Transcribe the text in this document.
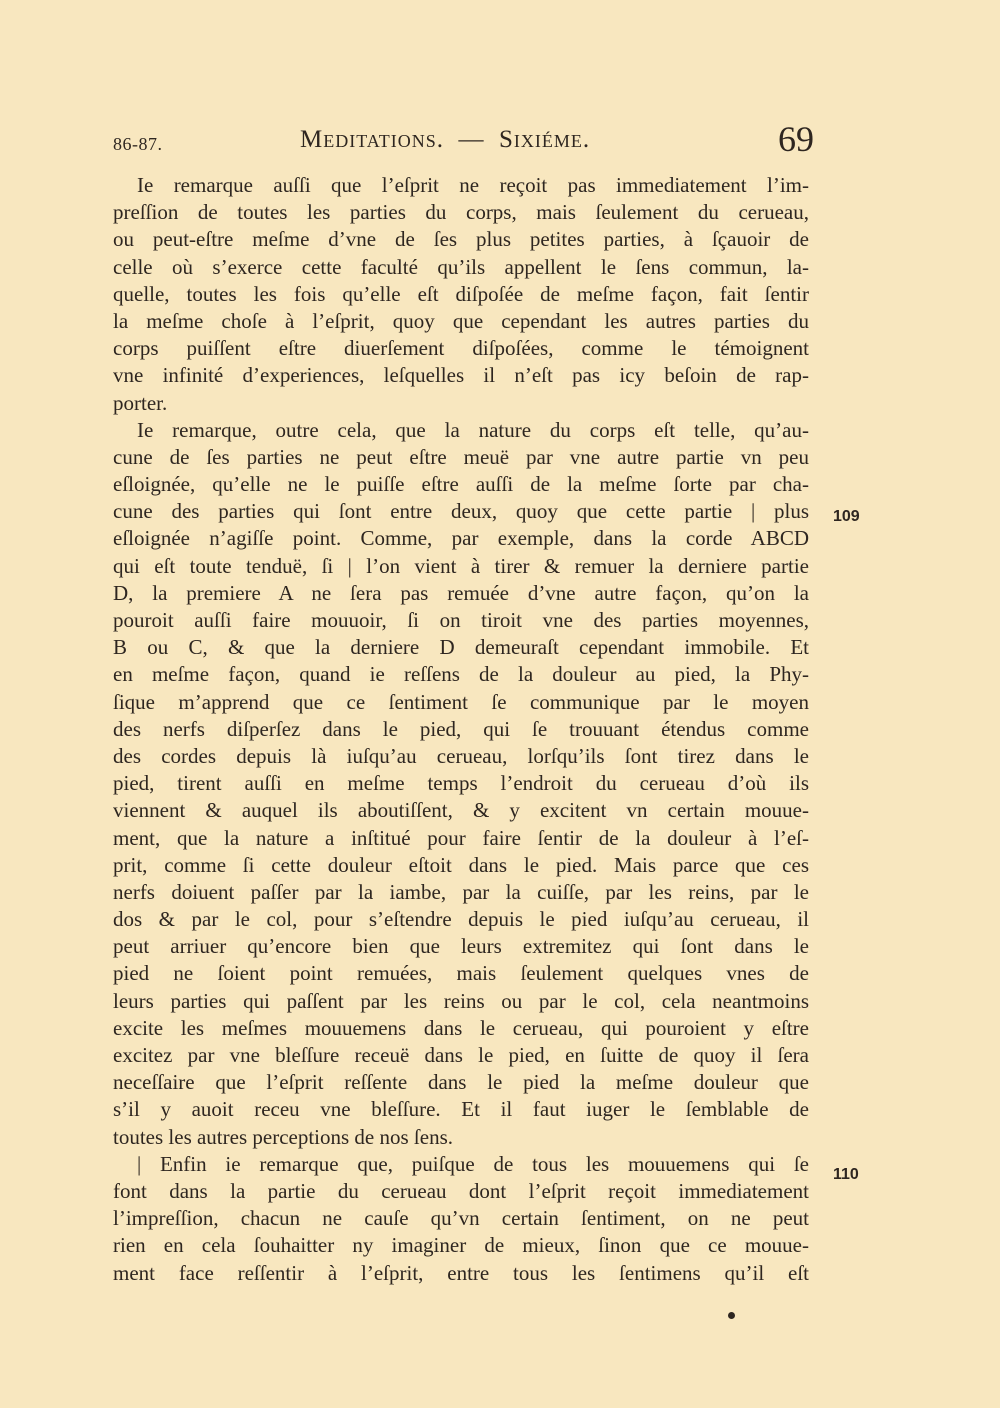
86-87.	Meditations. — Sixiéme.	69
Ie remarque auſſi que l’eſprit ne reçoit pas immediatement l’im-
preſſion de toutes les parties du corps, mais ſeulement du cerueau,
ou peut-eſtre meſme d’vne de ſes plus petites parties, à ſçauoir de
celle où s’exerce cette faculté qu’ils appellent le ſens commun, la-
quelle, toutes les fois qu’elle eſt diſpoſée de meſme façon, fait ſentir
la meſme choſe à l’eſprit, quoy que cependant les autres parties du
corps puiſſent eſtre diuerſement diſpoſées, comme le témoignent
vne infinité d’experiences, leſquelles il n’eſt pas icy beſoin de rap-
porter.
Ie remarque, outre cela, que la nature du corps eſt telle, qu’au-
cune de ſes parties ne peut eſtre meuë par vne autre partie vn peu
eſloignée, qu’elle ne le puiſſe eſtre auſſi de la meſme ſorte par cha-
cune des parties qui ſont entre deux, quoy que cette partie | plus
eſloignée n’agiſſe point. Comme, par exemple, dans la corde ABCD
qui eſt toute tenduë, ſi | l’on vient à tirer & remuer la derniere partie
D, la premiere A ne ſera pas remuée d’vne autre façon, qu’on la
pouroit auſſi faire mouuoir, ſi on tiroit vne des parties moyennes,
B ou C, & que la derniere D demeuraſt cependant immobile. Et
en meſme façon, quand ie reſſens de la douleur au pied, la Phy-
ſique m’apprend que ce ſentiment ſe communique par le moyen
des nerfs diſperſez dans le pied, qui ſe trouuant étendus comme
des cordes depuis là iuſqu’au cerueau, lorſqu’ils ſont tirez dans le
pied, tirent auſſi en meſme temps l’endroit du cerueau d’où ils
viennent & auquel ils aboutiſſent, & y excitent vn certain mouue-
ment, que la nature a inſtitué pour faire ſentir de la douleur à l’eſ-
prit, comme ſi cette douleur eſtoit dans le pied. Mais parce que ces
nerfs doiuent paſſer par la iambe, par la cuiſſe, par les reins, par le
dos & par le col, pour s’eſtendre depuis le pied iuſqu’au cerueau, il
peut arriuer qu’encore bien que leurs extremitez qui ſont dans le
pied ne ſoient point remuées, mais ſeulement quelques vnes de
leurs parties qui paſſent par les reins ou par le col, cela neantmoins
excite les meſmes mouuemens dans le cerueau, qui pouroient y eſtre
excitez par vne bleſſure receuë dans le pied, en ſuitte de quoy il ſera
neceſſaire que l’eſprit reſſente dans le pied la meſme douleur que
s’il y auoit receu vne bleſſure. Et il faut iuger le ſemblable de
toutes les autres perceptions de nos ſens.
| Enfin ie remarque que, puiſque de tous les mouuemens qui ſe
font dans la partie du cerueau dont l’eſprit reçoit immediatement
l’impreſſion, chacun ne cauſe qu’vn certain ſentiment, on ne peut
rien en cela ſouhaitter ny imaginer de mieux, ſinon que ce mouue-
ment face reſſentir à l’eſprit, entre tous les ſentimens qu’il eſt
109
110
